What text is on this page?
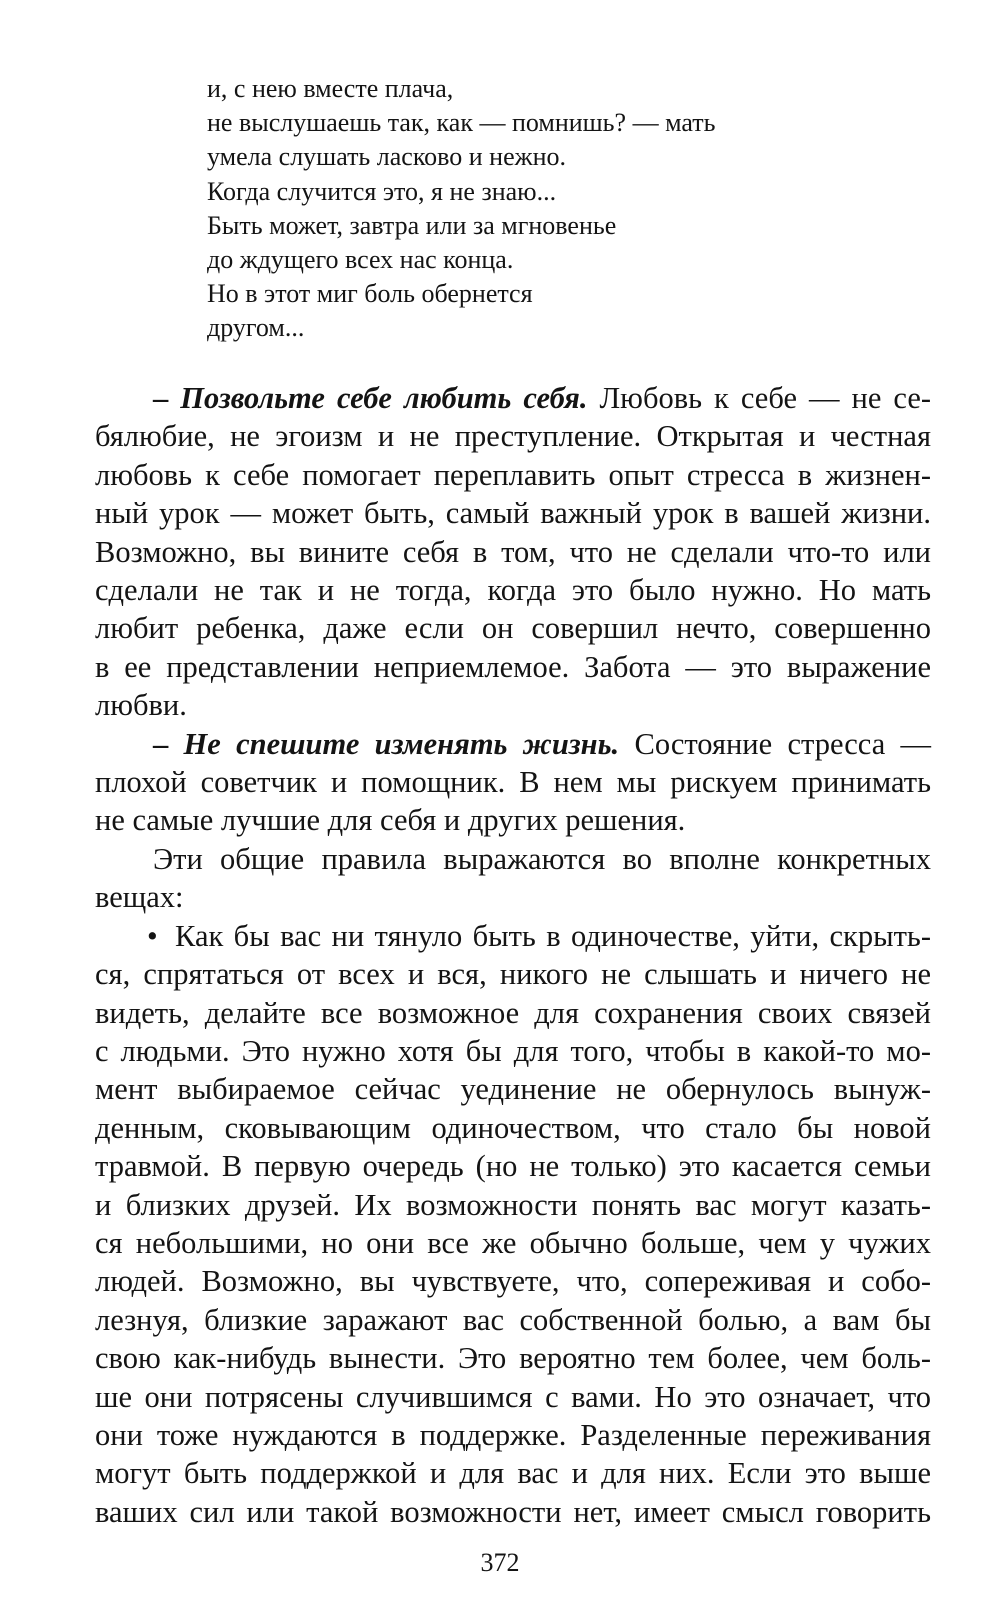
и, с нею вместе плача,
не выслушаешь так, как — помнишь? — мать
умела слушать ласково и нежно.
Когда случится это, я не знаю...
Быть может, завтра или за мгновенье
до ждущего всех нас конца.
Но в этот миг боль обернется
другом...
– Позвольте себе любить себя. Любовь к себе — не се-
бялюбие, не эгоизм и не преступление. Открытая и честная
любовь к себе помогает переплавить опыт стресса в жизнен-
ный урок — может быть, самый важный урок в вашей жизни.
Возможно, вы вините себя в том, что не сделали что-то или
сделали не так и не тогда, когда это было нужно. Но мать
любит ребенка, даже если он совершил нечто, совершенно
в ее представлении неприемлемое. Забота — это выражение
любви.
– Не спешите изменять жизнь. Состояние стресса —
плохой советчик и помощник. В нем мы рискуем принимать
не самые лучшие для себя и других решения.
Эти общие правила выражаются во вполне конкретных
вещах:
• Как бы вас ни тянуло быть в одиночестве, уйти, скрыть-
ся, спрятаться от всех и вся, никого не слышать и ничего не
видеть, делайте все возможное для сохранения своих связей
с людьми. Это нужно хотя бы для того, чтобы в какой-то мо-
мент выбираемое сейчас уединение не обернулось вынуж-
денным, сковывающим одиночеством, что стало бы новой
травмой. В первую очередь (но не только) это касается семьи
и близких друзей. Их возможности понять вас могут казать-
ся небольшими, но они все же обычно больше, чем у чужих
людей. Возможно, вы чувствуете, что, сопереживая и собо-
лезнуя, близкие заражают вас собственной болью, а вам бы
свою как-нибудь вынести. Это вероятно тем более, чем боль-
ше они потрясены случившимся с вами. Но это означает, что
они тоже нуждаются в поддержке. Разделенные переживания
могут быть поддержкой и для вас и для них. Если это выше
ваших сил или такой возможности нет, имеет смысл говорить
372
